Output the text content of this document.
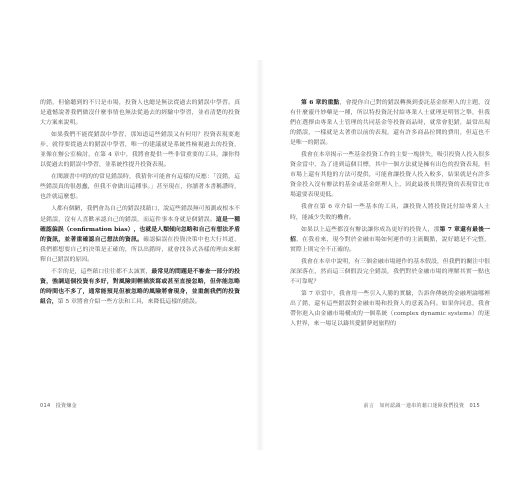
的錯，但偷聽到的不只是市場，投資人也總是無法從過去的錯誤中學習。真是遺憾說著我們做沒什麼事情也無法從過去的經驗中學習，並看清楚的投資大方案來說明。

如果我們不能從錯誤中學習，那知道這些錯誤又有何用？投資表現要進步，就得要從過去的錯誤中學習，唯一的建議就是系統性檢視過去的投資，並像在辦公室檢討，在第 4 章中，我將會提供一些非常重要的工具，讓你得以從過去的錯誤中學習，並系統性提升投資表現。

在閱讀書中明的的常見錯誤時，我猜你可能會有這樣的反應：「沒錯，這些錯誤真的很愚蠢，但我不會做出這種事。」甚至現在，你讀著本書稱讚時，也許就這麼想。

人都有個陋，我們會為自己的錯誤找藉口，說這些錯誤無可預測或根本不是錯誤，沒有人喜歡承認自己的錯誤，而這件事本身就是個錯誤。這是一種確認偏誤（confirmation bias），也就是人類傾向忽略和自己有想法矛盾的資訊，並著重確認自己想法的資訊。確認偏誤在投資決策中也大行其道，我們都想要自己的決策是正確的，所以出錯時，就會找各式各樣的理由來解釋自己錯誤的原因。

不幸的是，這些藉口往往都不太誠實，最常見的問題是不審查一部分的投資，強調這個投資有多好，對風險則輕描淡寫或甚至直接忽略，但你能忽略的時間也不多了，通常能預見但被忽略的風險將會現身，並重創我們的投資組合，第 5 章將會介紹一些方法和工具，來降低這樣的錯誤。

第 6 章的重點，會提你自己對的錯誤轉換到委託基金經理人的主題，沒有什麼靈丹妙藥是一種，所以特投資託付給專業人士就理是明智之舉，但我們在選擇由專業人士管理的共同基金等投資商品時，就常會犯錯，最常出現的錯誤，一樣就是太著重以前的表現，還有許多商品拉開的費用，但這也不是唯一的錯誤。

我會在本章揭示一些基金投資工作的主要一塊拼失，吸引投資人投入很多資金當中，為了達到這個目標，其中一個方法就是擁有出色的投資表現，但市場上還有其他的方法可提供，可能會讓投資人投入較多，結果就是有許多資金投入沒有辦法的基金或基金經理人上，因此最後長期投資的表現常比市場還要表現更低。

我會在第 6 章介紹一些基本的工具，讓投資人將投資託付給專業人士時，能減少失敗的機會。

如果以上這些都沒有辦法讓你成為更好的投資人，那第 7 章還有最後一招，在我看來，現今對於金融市場如何運作的主流觀點，說好聽是不完整，實際上則完全不正確的。

我會在本章中說明，有三個金融市場運作的基本假設，但我們的關注中很深深落在，然而這三個假設完全錯誤，我們對於金融市場的理解其實一點也不可靠呢？

第 7 章當中，我會用一些引入人勝的實驗，告訴你傳統的金融理論哪裡出了錯，還有這些錯誤對金融市場和投資人的意義為何。如果你同意，我會帶你進入由金融市場構成的一個系統（complex dynamic systems）的迷人世界，來一場足以鑄其愛錯夢迴旅程的

014　投資煉金	前言　如何認識一連串的藉口迷障我們投資　015
